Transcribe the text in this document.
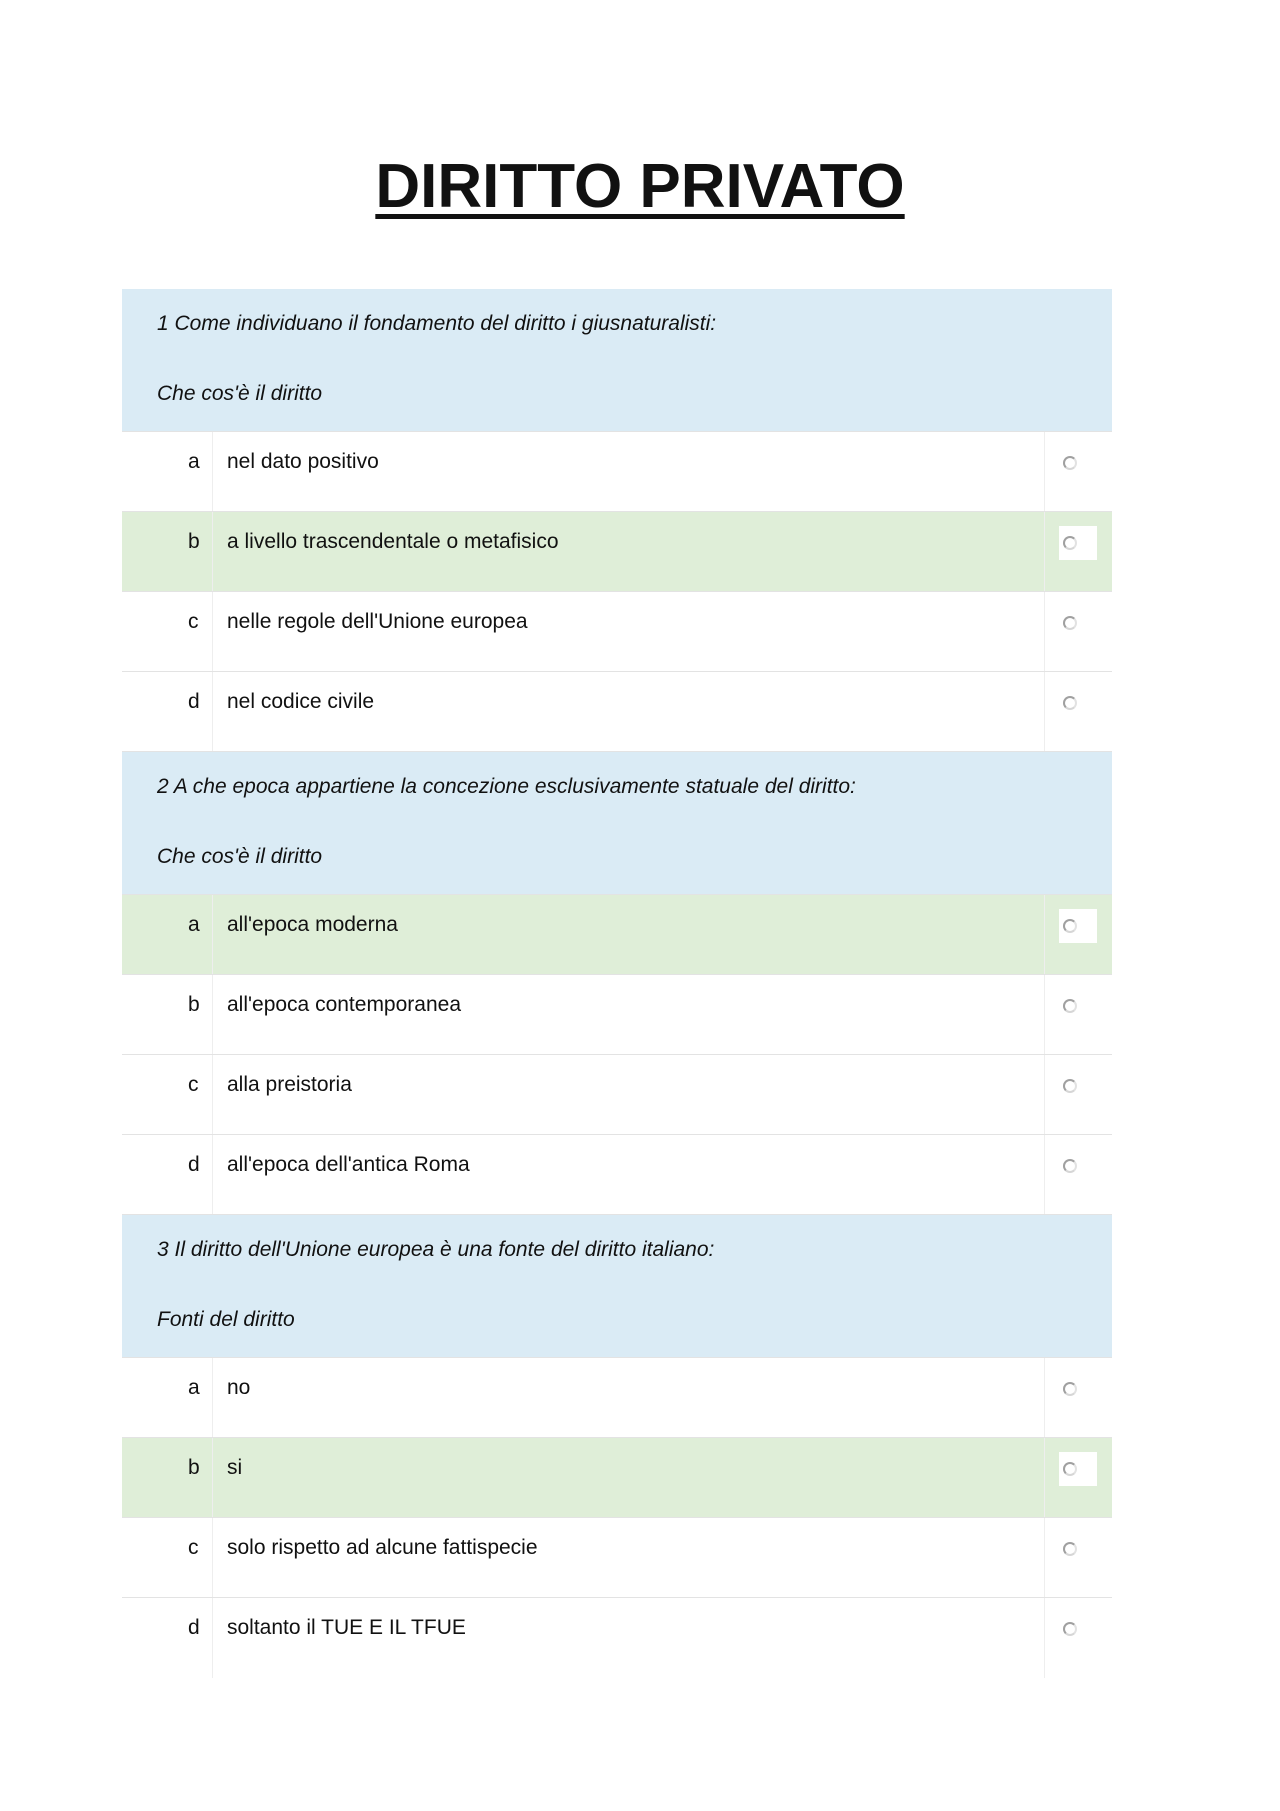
DIRITTO PRIVATO
1 Come individuano il fondamento del diritto i giusnaturalisti:
Che cos'è il diritto
a nel dato positivo
b a livello trascendentale o metafisico
c nelle regole dell'Unione europea
d nel codice civile
2 A che epoca appartiene la concezione esclusivamente statuale del diritto:
Che cos'è il diritto
a all'epoca moderna
b all'epoca contemporanea
c alla preistoria
d all'epoca dell'antica Roma
3 Il diritto dell'Unione europea è una fonte del diritto italiano:
Fonti del diritto
a no
b si
c solo rispetto ad alcune fattispecie
d soltanto il TUE E IL TFUE
